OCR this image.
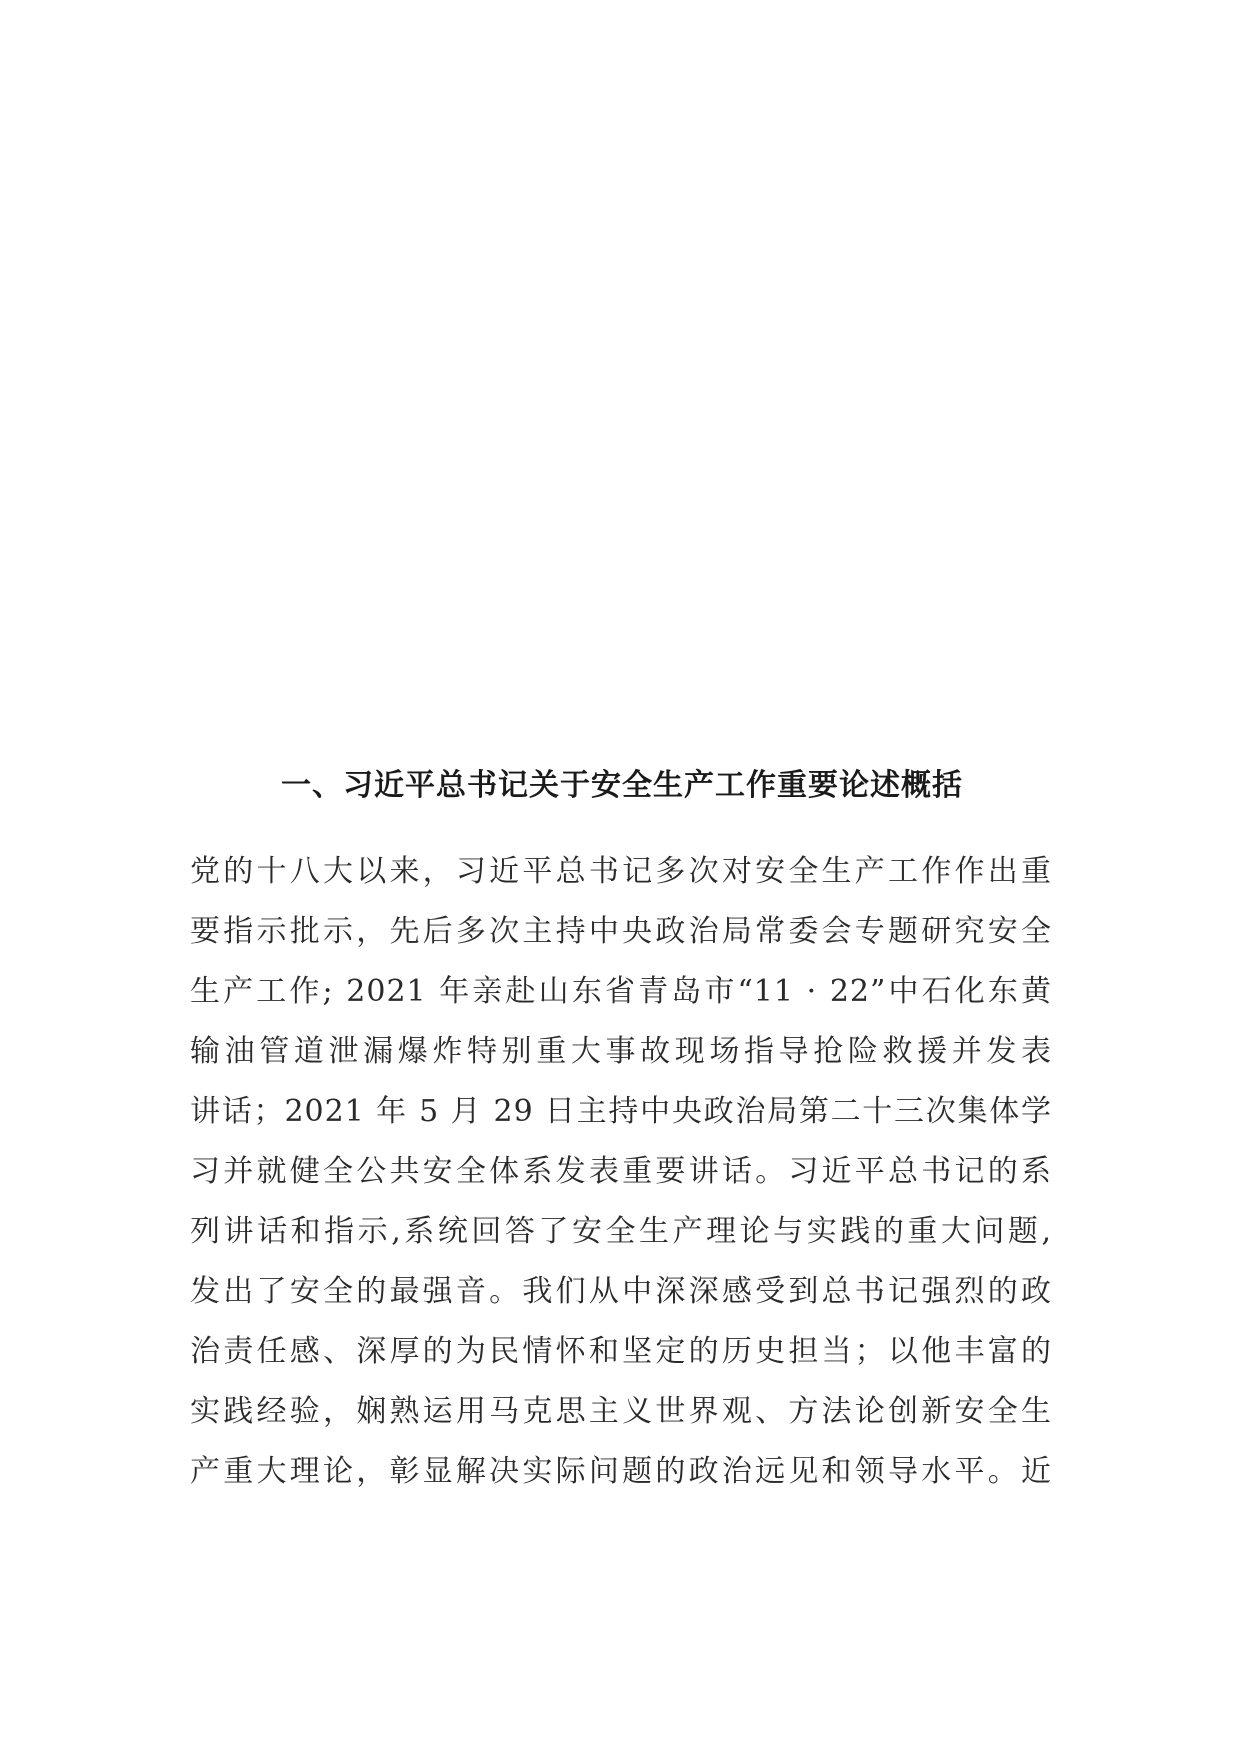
一、习近平总书记关于安全生产工作重要论述概括
党的十八大以来，习近平总书记多次对安全生产工作作出重
要指示批示，先后多次主持中央政治局常委会专题研究安全
生产工作; 2021 年亲赴山东省青岛市“11 · 22”中石化东黄
输油管道泄漏爆炸特别重大事故现场指导抢险救援并发表
讲话；2021 年 5 月 29 日主持中央政治局第二十三次集体学
习并就健全公共安全体系发表重要讲话。习近平总书记的系
列讲话和指示,系统回答了安全生产理论与实践的重大问题,
发出了安全的最强音。我们从中深深感受到总书记强烈的政
治责任感、深厚的为民情怀和坚定的历史担当；以他丰富的
实践经验，娴熟运用马克思主义世界观、方法论创新安全生
产重大理论，彰显解决实际问题的政治远见和领导水平。近
